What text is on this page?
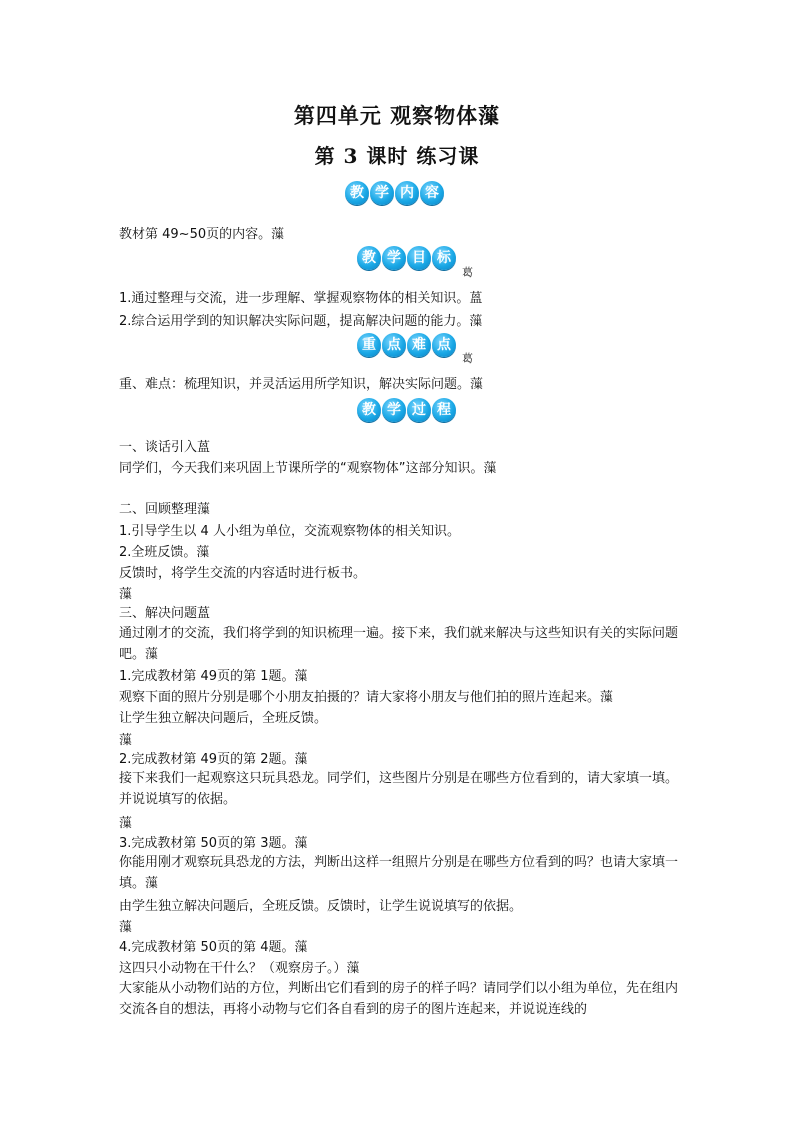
第四单元 观察物体薻
第 3 课时 练习课
教 学 内 容
教材第 49~50页的内容。薻
教 学 目 标
葛
1.通过整理与交流，进一步理解、掌握观察物体的相关知识。蒕
2.综合运用学到的知识解决实际问题，提高解决问题的能力。薻
重 点 难 点
葛
重、难点：梳理知识，并灵活运用所学知识，解决实际问题。薻
教 学 过 程
一、谈话引入蒕
同学们，今天我们来巩固上节课所学的“观察物体”这部分知识。薻
二、回顾整理薻
1.引导学生以 4 人小组为单位，交流观察物体的相关知识。
2.全班反馈。薻
反馈时，将学生交流的内容适时进行板书。
薻
三、解决问题蒕
通过刚才的交流，我们将学到的知识梳理一遍。接下来，我们就来解决与这些知识有关的实际问题吧。薻
1.完成教材第 49页的第 1题。薻
观察下面的照片分别是哪个小朋友拍摄的？请大家将小朋友与他们拍的照片连起来。薻
让学生独立解决问题后，全班反馈。
薻
2.完成教材第 49页的第 2题。薻
接下来我们一起观察这只玩具恐龙。同学们，这些图片分别是在哪些方位看到的，请大家填一填。并说说填写的依据。
薻
3.完成教材第 50页的第 3题。薻
你能用刚才观察玩具恐龙的方法，判断出这样一组照片分别是在哪些方位看到的吗？也请大家填一填。薻
由学生独立解决问题后，全班反馈。反馈时，让学生说说填写的依据。
薻
4.完成教材第 50页的第 4题。薻
这四只小动物在干什么？（观察房子。）薻
大家能从小动物们站的方位，判断出它们看到的房子的样子吗？请同学们以小组为单位，先在组内交流各自的想法，再将小动物与它们各自看到的房子的图片连起来，并说说连线的
